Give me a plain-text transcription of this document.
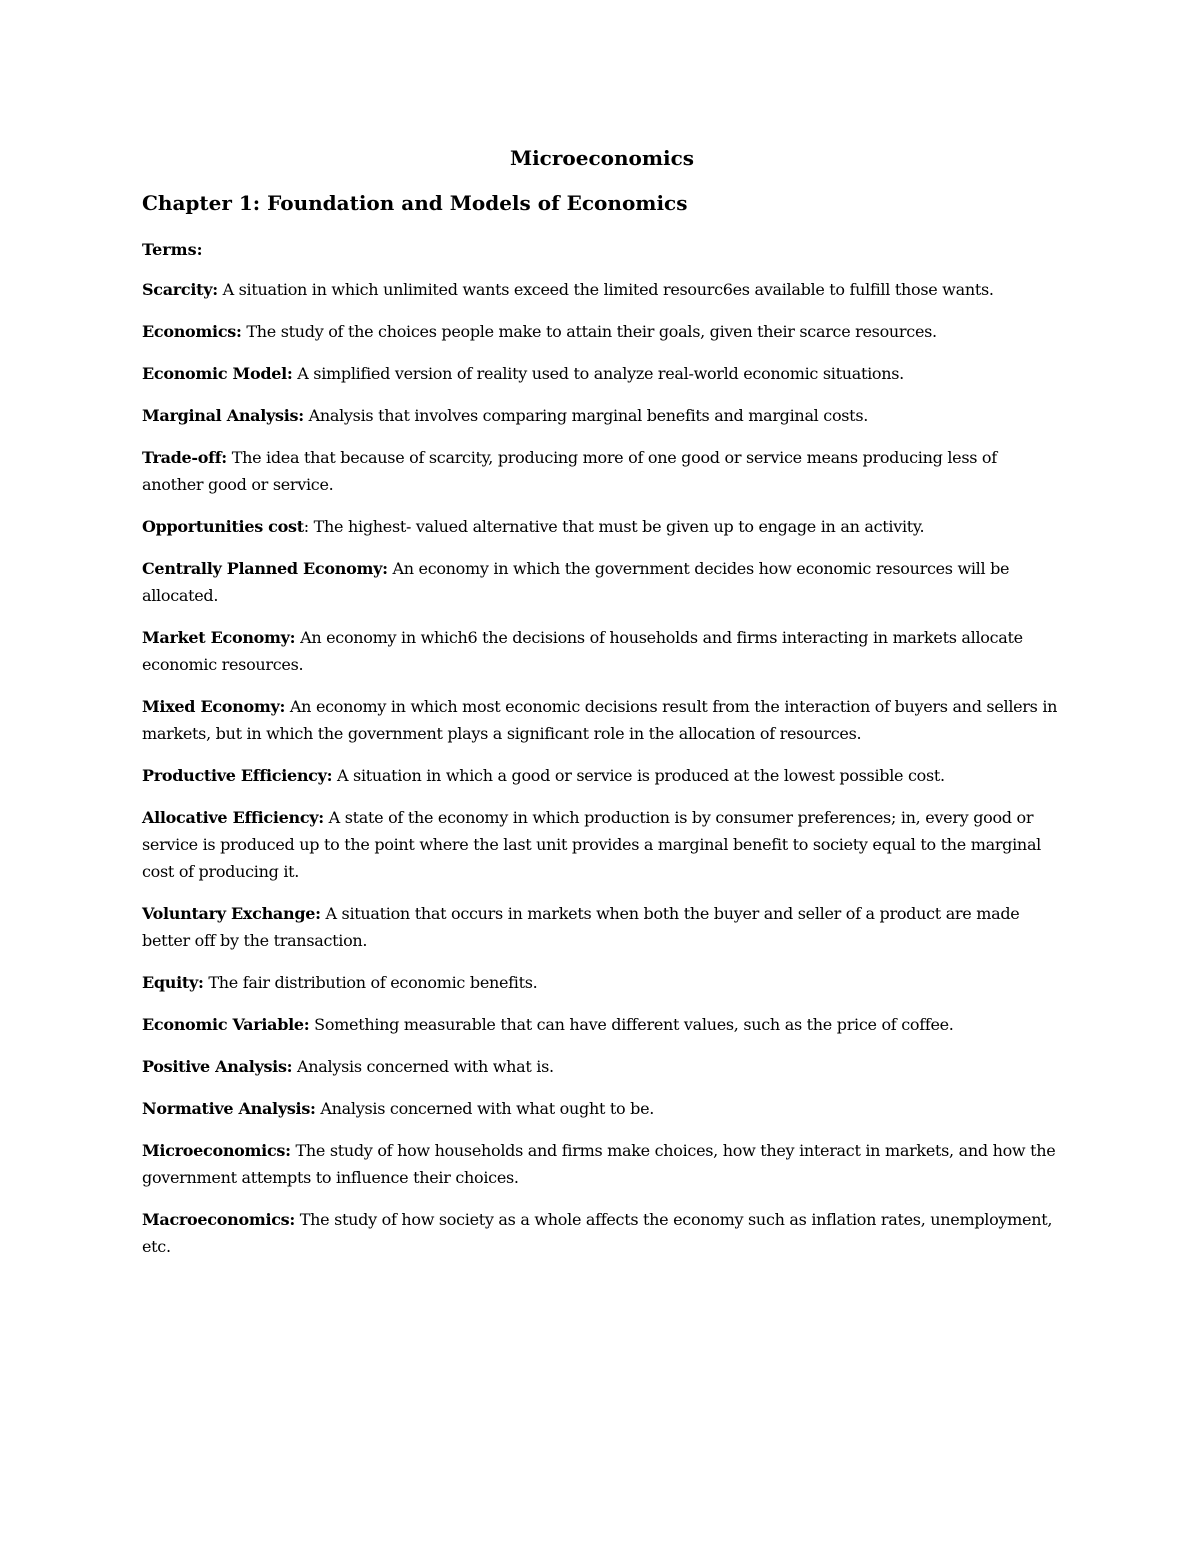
Microeconomics
Chapter 1: Foundation and Models of Economics

Terms:

Scarcity: A situation in which unlimited wants exceed the limited resourc6es available to fulfill those wants.

Economics: The study of the choices people make to attain their goals, given their scarce resources.

Economic Model: A simplified version of reality used to analyze real-world economic situations.

Marginal Analysis: Analysis that involves comparing marginal benefits and marginal costs.

Trade-off: The idea that because of scarcity, producing more of one good or service means producing less of another good or service.

Opportunities cost: The highest- valued alternative that must be given up to engage in an activity.

Centrally Planned Economy: An economy in which the government decides how economic resources will be allocated.

Market Economy: An economy in which6 the decisions of households and firms interacting in markets allocate economic resources.

Mixed Economy: An economy in which most economic decisions result from the interaction of buyers and sellers in markets, but in which the government plays a significant role in the allocation of resources.

Productive Efficiency: A situation in which a good or service is produced at the lowest possible cost.

Allocative Efficiency: A state of the economy in which production is by consumer preferences; in, every good or service is produced up to the point where the last unit provides a marginal benefit to society equal to the marginal cost of producing it.

Voluntary Exchange: A situation that occurs in markets when both the buyer and seller of a product are made better off by the transaction.

Equity: The fair distribution of economic benefits.

Economic Variable: Something measurable that can have different values, such as the price of coffee.

Positive Analysis: Analysis concerned with what is.

Normative Analysis: Analysis concerned with what ought to be.

Microeconomics: The study of how households and firms make choices, how they interact in markets, and how the government attempts to influence their choices.

Macroeconomics: The study of how society as a whole affects the economy such as inflation rates, unemployment, etc.
